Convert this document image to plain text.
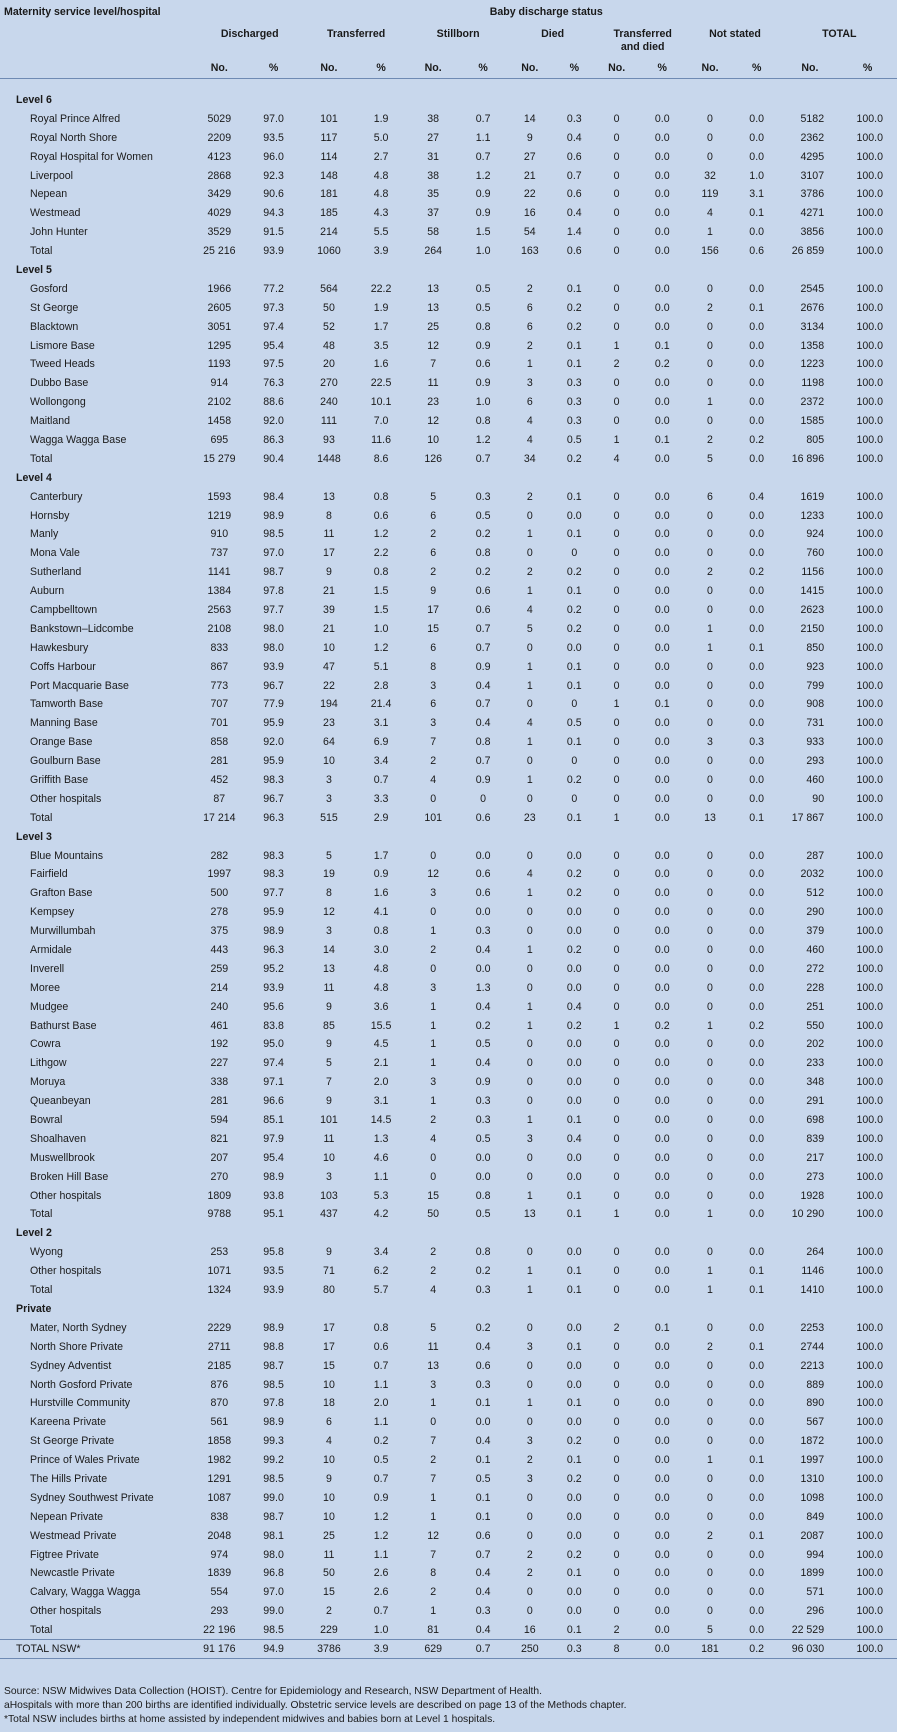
Maternity service level/hospital	Baby discharge status													
	Discharged		Transferred		Stillborn		Died		Transferred and died		Not stated		TOTAL	
	No.	%	No.	%	No.	%	No.	%	No.	%	No.	%	No.	%

Level 6														
Royal Prince Alfred	5029	97.0	101	1.9	38	0.7	14	0.3	0	0.0	0	0.0	5182	100.0
Royal North Shore	2209	93.5	117	5.0	27	1.1	9	0.4	0	0.0	0	0.0	2362	100.0
Royal Hospital for Women	4123	96.0	114	2.7	31	0.7	27	0.6	0	0.0	0	0.0	4295	100.0
Liverpool	2868	92.3	148	4.8	38	1.2	21	0.7	0	0.0	32	1.0	3107	100.0
Nepean	3429	90.6	181	4.8	35	0.9	22	0.6	0	0.0	119	3.1	3786	100.0
Westmead	4029	94.3	185	4.3	37	0.9	16	0.4	0	0.0	4	0.1	4271	100.0
John Hunter	3529	91.5	214	5.5	58	1.5	54	1.4	0	0.0	1	0.0	3856	100.0
Total	25 216	93.9	1060	3.9	264	1.0	163	0.6	0	0.0	156	0.6	26 859	100.0
Level 5														
Gosford	1966	77.2	564	22.2	13	0.5	2	0.1	0	0.0	0	0.0	2545	100.0
St George	2605	97.3	50	1.9	13	0.5	6	0.2	0	0.0	2	0.1	2676	100.0
Blacktown	3051	97.4	52	1.7	25	0.8	6	0.2	0	0.0	0	0.0	3134	100.0
Lismore Base	1295	95.4	48	3.5	12	0.9	2	0.1	1	0.1	0	0.0	1358	100.0
Tweed Heads	1193	97.5	20	1.6	7	0.6	1	0.1	2	0.2	0	0.0	1223	100.0
Dubbo Base	914	76.3	270	22.5	11	0.9	3	0.3	0	0.0	0	0.0	1198	100.0
Wollongong	2102	88.6	240	10.1	23	1.0	6	0.3	0	0.0	1	0.0	2372	100.0
Maitland	1458	92.0	111	7.0	12	0.8	4	0.3	0	0.0	0	0.0	1585	100.0
Wagga Wagga Base	695	86.3	93	11.6	10	1.2	4	0.5	1	0.1	2	0.2	805	100.0
Total	15 279	90.4	1448	8.6	126	0.7	34	0.2	4	0.0	5	0.0	16 896	100.0
Level 4														
Canterbury	1593	98.4	13	0.8	5	0.3	2	0.1	0	0.0	6	0.4	1619	100.0
Hornsby	1219	98.9	8	0.6	6	0.5	0	0.0	0	0.0	0	0.0	1233	100.0
Manly	910	98.5	11	1.2	2	0.2	1	0.1	0	0.0	0	0.0	924	100.0
Mona Vale	737	97.0	17	2.2	6	0.8	0	0	0	0.0	0	0.0	760	100.0
Sutherland	1141	98.7	9	0.8	2	0.2	2	0.2	0	0.0	2	0.2	1156	100.0
Auburn	1384	97.8	21	1.5	9	0.6	1	0.1	0	0.0	0	0.0	1415	100.0
Campbelltown	2563	97.7	39	1.5	17	0.6	4	0.2	0	0.0	0	0.0	2623	100.0
Bankstown–Lidcombe	2108	98.0	21	1.0	15	0.7	5	0.2	0	0.0	1	0.0	2150	100.0
Hawkesbury	833	98.0	10	1.2	6	0.7	0	0.0	0	0.0	1	0.1	850	100.0
Coffs Harbour	867	93.9	47	5.1	8	0.9	1	0.1	0	0.0	0	0.0	923	100.0
Port Macquarie Base	773	96.7	22	2.8	3	0.4	1	0.1	0	0.0	0	0.0	799	100.0
Tamworth Base	707	77.9	194	21.4	6	0.7	0	0	1	0.1	0	0.0	908	100.0
Manning Base	701	95.9	23	3.1	3	0.4	4	0.5	0	0.0	0	0.0	731	100.0
Orange Base	858	92.0	64	6.9	7	0.8	1	0.1	0	0.0	3	0.3	933	100.0
Goulburn Base	281	95.9	10	3.4	2	0.7	0	0	0	0.0	0	0.0	293	100.0
Griffith Base	452	98.3	3	0.7	4	0.9	1	0.2	0	0.0	0	0.0	460	100.0
Other hospitals	87	96.7	3	3.3	0	0	0	0	0	0.0	0	0.0	90	100.0
Total	17 214	96.3	515	2.9	101	0.6	23	0.1	1	0.0	13	0.1	17 867	100.0
Level 3														
Blue Mountains	282	98.3	5	1.7	0	0.0	0	0.0	0	0.0	0	0.0	287	100.0
Fairfield	1997	98.3	19	0.9	12	0.6	4	0.2	0	0.0	0	0.0	2032	100.0
Grafton Base	500	97.7	8	1.6	3	0.6	1	0.2	0	0.0	0	0.0	512	100.0
Kempsey	278	95.9	12	4.1	0	0.0	0	0.0	0	0.0	0	0.0	290	100.0
Murwillumbah	375	98.9	3	0.8	1	0.3	0	0.0	0	0.0	0	0.0	379	100.0
Armidale	443	96.3	14	3.0	2	0.4	1	0.2	0	0.0	0	0.0	460	100.0
Inverell	259	95.2	13	4.8	0	0.0	0	0.0	0	0.0	0	0.0	272	100.0
Moree	214	93.9	11	4.8	3	1.3	0	0.0	0	0.0	0	0.0	228	100.0
Mudgee	240	95.6	9	3.6	1	0.4	1	0.4	0	0.0	0	0.0	251	100.0
Bathurst Base	461	83.8	85	15.5	1	0.2	1	0.2	1	0.2	1	0.2	550	100.0
Cowra	192	95.0	9	4.5	1	0.5	0	0.0	0	0.0	0	0.0	202	100.0
Lithgow	227	97.4	5	2.1	1	0.4	0	0.0	0	0.0	0	0.0	233	100.0
Moruya	338	97.1	7	2.0	3	0.9	0	0.0	0	0.0	0	0.0	348	100.0
Queanbeyan	281	96.6	9	3.1	1	0.3	0	0.0	0	0.0	0	0.0	291	100.0
Bowral	594	85.1	101	14.5	2	0.3	1	0.1	0	0.0	0	0.0	698	100.0
Shoalhaven	821	97.9	11	1.3	4	0.5	3	0.4	0	0.0	0	0.0	839	100.0
Muswellbrook	207	95.4	10	4.6	0	0.0	0	0.0	0	0.0	0	0.0	217	100.0
Broken Hill Base	270	98.9	3	1.1	0	0.0	0	0.0	0	0.0	0	0.0	273	100.0
Other hospitals	1809	93.8	103	5.3	15	0.8	1	0.1	0	0.0	0	0.0	1928	100.0
Total	9788	95.1	437	4.2	50	0.5	13	0.1	1	0.0	1	0.0	10 290	100.0
Level 2														
Wyong	253	95.8	9	3.4	2	0.8	0	0.0	0	0.0	0	0.0	264	100.0
Other hospitals	1071	93.5	71	6.2	2	0.2	1	0.1	0	0.0	1	0.1	1146	100.0
Total	1324	93.9	80	5.7	4	0.3	1	0.1	0	0.0	1	0.1	1410	100.0
Private														
Mater, North Sydney	2229	98.9	17	0.8	5	0.2	0	0.0	2	0.1	0	0.0	2253	100.0
North Shore Private	2711	98.8	17	0.6	11	0.4	3	0.1	0	0.0	2	0.1	2744	100.0
Sydney Adventist	2185	98.7	15	0.7	13	0.6	0	0.0	0	0.0	0	0.0	2213	100.0
North Gosford Private	876	98.5	10	1.1	3	0.3	0	0.0	0	0.0	0	0.0	889	100.0
Hurstville Community	870	97.8	18	2.0	1	0.1	1	0.1	0	0.0	0	0.0	890	100.0
Kareena Private	561	98.9	6	1.1	0	0.0	0	0.0	0	0.0	0	0.0	567	100.0
St George Private	1858	99.3	4	0.2	7	0.4	3	0.2	0	0.0	0	0.0	1872	100.0
Prince of Wales Private	1982	99.2	10	0.5	2	0.1	2	0.1	0	0.0	1	0.1	1997	100.0
The Hills Private	1291	98.5	9	0.7	7	0.5	3	0.2	0	0.0	0	0.0	1310	100.0
Sydney Southwest Private	1087	99.0	10	0.9	1	0.1	0	0.0	0	0.0	0	0.0	1098	100.0
Nepean Private	838	98.7	10	1.2	1	0.1	0	0.0	0	0.0	0	0.0	849	100.0
Westmead Private	2048	98.1	25	1.2	12	0.6	0	0.0	0	0.0	2	0.1	2087	100.0
Figtree Private	974	98.0	11	1.1	7	0.7	2	0.2	0	0.0	0	0.0	994	100.0
Newcastle Private	1839	96.8	50	2.6	8	0.4	2	0.1	0	0.0	0	0.0	1899	100.0
Calvary, Wagga Wagga	554	97.0	15	2.6	2	0.4	0	0.0	0	0.0	0	0.0	571	100.0
Other hospitals	293	99.0	2	0.7	1	0.3	0	0.0	0	0.0	0	0.0	296	100.0
Total	22 196	98.5	229	1.0	81	0.4	16	0.1	2	0.0	5	0.0	22 529	100.0
TOTAL NSW*	91 176	94.9	3786	3.9	629	0.7	250	0.3	8	0.0	181	0.2	96 030	100.0
Source: NSW Midwives Data Collection (HOIST). Centre for Epidemiology and Research, NSW Department of Health.
aHospitals with more than 200 births are identified individually. Obstetric service levels are described on page 13 of the Methods chapter.
*Total NSW includes births at home assisted by independent midwives and babies born at Level 1 hospitals.
